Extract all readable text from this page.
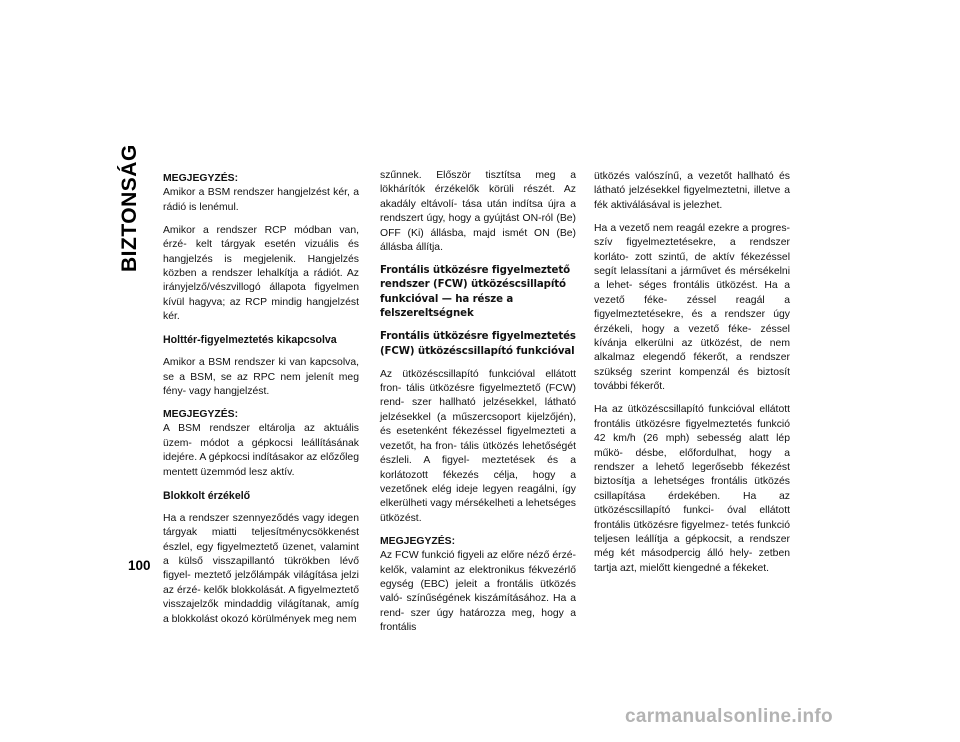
BIZTONSÁG
100

MEGJEGYZÉS:
Amikor a BSM rendszer hangjelzést kér, a rádió is lenémul.

Amikor a rendszer RCP módban van, érzé- kelt tárgyak esetén vizuális és hangjelzés is megjelenik. Hangjelzés közben a rendszer lehalkítja a rádiót. Az irányjelző/vészvillogó állapota figyelmen kívül hagyva; az RCP mindig hangjelzést kér.

Holttér-figyelmeztetés kikapcsolva

Amikor a BSM rendszer ki van kapcsolva, se a BSM, se az RPC nem jelenít meg fény- vagy hangjelzést.

MEGJEGYZÉS:
A BSM rendszer eltárolja az aktuális üzem- módot a gépkocsi leállításának idejére. A gépkocsi indításakor az előzőleg mentett üzemmód lesz aktív.

Blokkolt érzékelő

Ha a rendszer szennyeződés vagy idegen tárgyak miatti teljesítménycsökkenést észlel, egy figyelmeztető üzenet, valamint a külső visszapillantó tükrökben lévő figyel- meztető jelzőlámpák világítása jelzi az érzé- kelők blokkolását. A figyelmeztető visszajelzők mindaddig világítanak, amíg a blokkolást okozó körülmények meg nem

szűnnek. Először tisztítsa meg a lökhárítók érzékelők körüli részét. Az akadály eltávolí- tása után indítsa újra a rendszert úgy, hogy a gyújtást ON-ról (Be) OFF (Ki) állásba, majd ismét ON (Be) állásba állítja.

Frontális ütközésre figyelmeztető rendszer (FCW) ütközéscsillapító funkcióval — ha része a felszereltségnek

Frontális ütközésre figyelmeztetés (FCW) ütközéscsillapító funkcióval

Az ütközéscsillapító funkcióval ellátott fron- tális ütközésre figyelmeztető (FCW) rend- szer hallható jelzésekkel, látható jelzésekkel (a műszercsoport kijelzőjén), és esetenként fékezéssel figyelmezteti a vezetőt, ha fron- tális ütközés lehetőségét észleli. A figyel- meztetések és a korlátozott fékezés célja, hogy a vezetőnek elég ideje legyen reagálni, így elkerülheti vagy mérsékelheti a lehetséges ütközést.

MEGJEGYZÉS:
Az FCW funkció figyeli az előre néző érzé- kelők, valamint az elektronikus fékvezérlő egység (EBC) jeleit a frontális ütközés való- színűségének kiszámításához. Ha a rend- szer úgy határozza meg, hogy a frontális

ütközés valószínű, a vezetőt hallható és látható jelzésekkel figyelmeztetni, illetve a fék aktiválásával is jelezhet.

Ha a vezető nem reagál ezekre a progres- szív figyelmeztetésekre, a rendszer korláto- zott szintű, de aktív fékezéssel segít lelassítani a járművet és mérsékelni a lehet- séges frontális ütközést. Ha a vezető féke- zéssel reagál a figyelmeztetésekre, és a rendszer úgy érzékeli, hogy a vezető féke- zéssel kívánja elkerülni az ütközést, de nem alkalmaz elegendő fékerőt, a rendszer szükség szerint kompenzál és biztosít további fékerőt.

Ha az ütközéscsillapító funkcióval ellátott frontális ütközésre figyelmeztetés funkció 42 km/h (26 mph) sebesség alatt lép műkö- désbe, előfordulhat, hogy a rendszer a lehető legerősebb fékezést biztosítja a lehetséges frontális ütközés csillapítása érdekében. Ha az ütközéscsillapító funkci- óval ellátott frontális ütközésre figyelmez- tetés funkció teljesen leállítja a gépkocsit, a rendszer még két másodpercig álló hely- zetben tartja azt, mielőtt kiengedné a fékeket.

carmanualsonline.info
